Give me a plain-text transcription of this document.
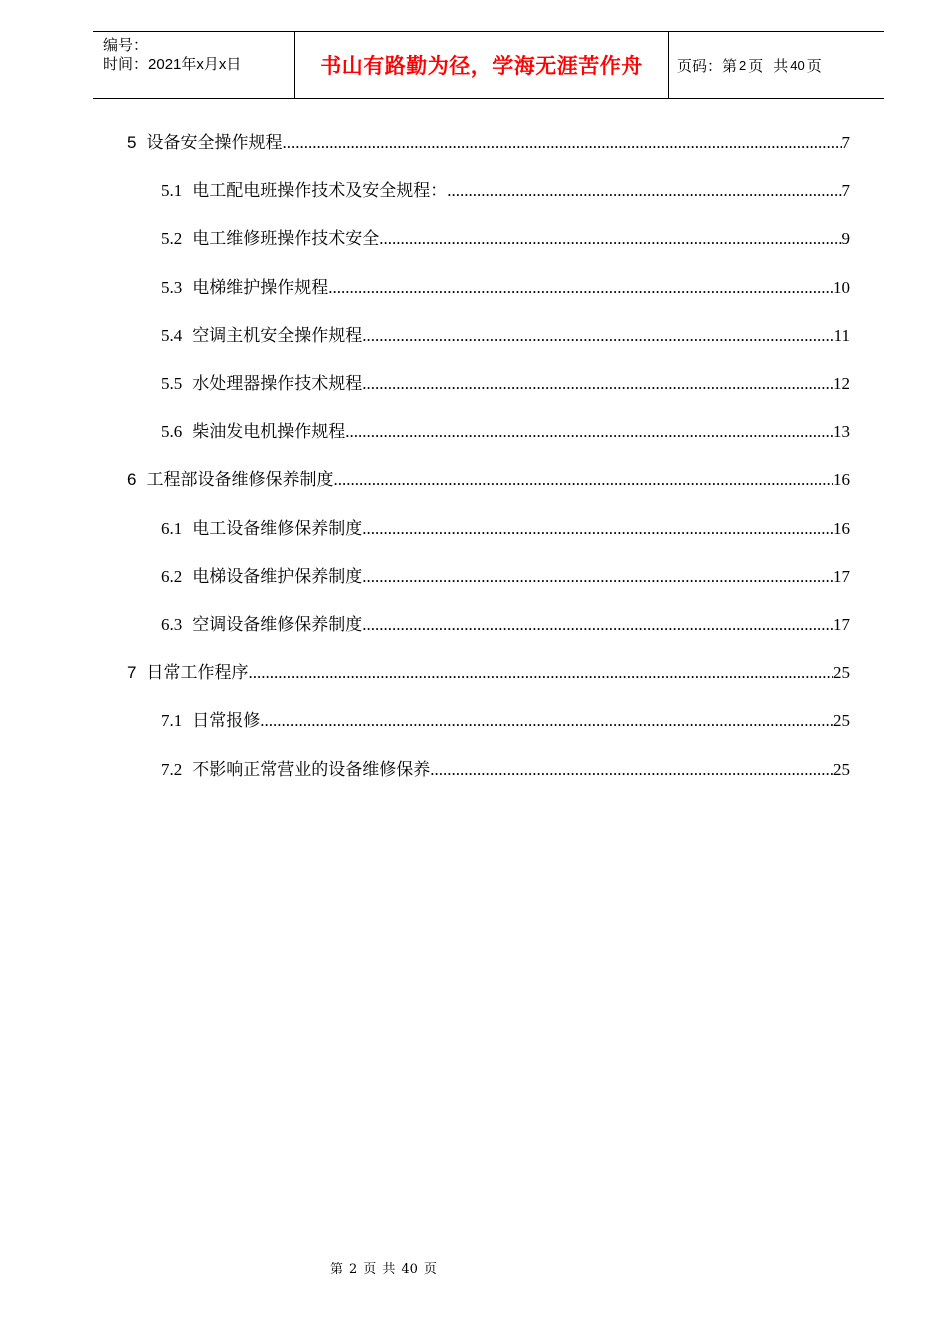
编号：
时间：2021年x月x日	书山有路勤为径，学海无涯苦作舟	页码：第 2 页 共 40 页
5 设备安全操作规程 .....	7
5.1 电工配电班操作技术及安全规程： .....	7
5.2 电工维修班操作技术安全 .....	9
5.3 电梯维护操作规程 .....	10
5.4 空调主机安全操作规程 .....	11
5.5 水处理器操作技术规程 .....	12
5.6 柴油发电机操作规程 .....	13
6 工程部设备维修保养制度 .....	16
6.1 电工设备维修保养制度 .....	16
6.2 电梯设备维护保养制度 .....	17
6.3 空调设备维修保养制度 .....	17
7 日常工作程序 .....	25
7.1 日常报修 .....	25
7.2 不影响正常营业的设备维修保养 .....	25
第 2 页 共 40 页
